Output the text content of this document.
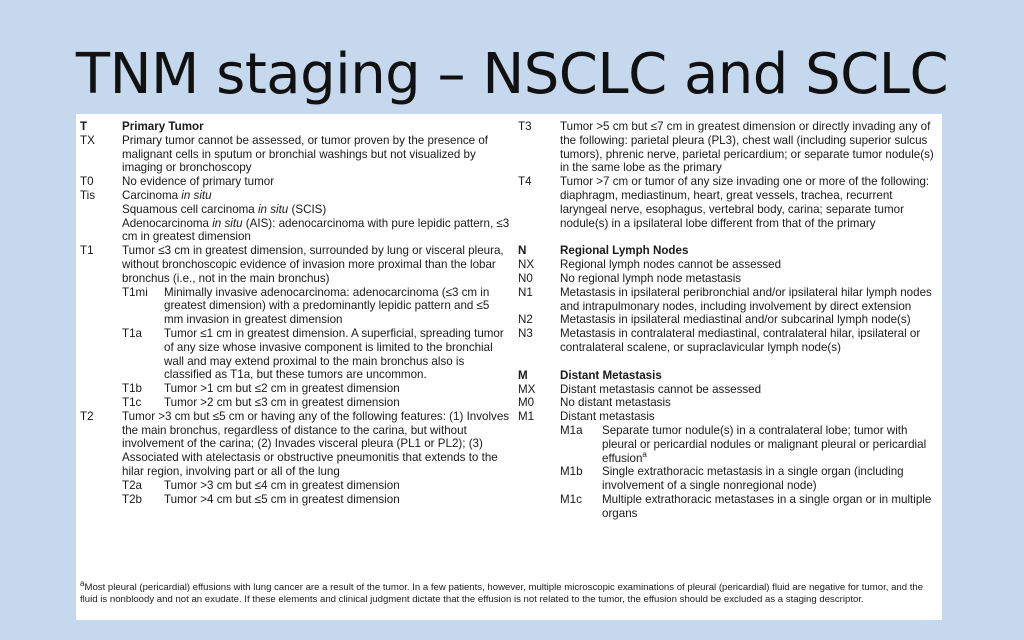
TNM staging – NSCLC and SCLC
T	Primary Tumor
TX	Primary tumor cannot be assessed, or tumor proven by the presence of malignant cells in sputum or bronchial washings but not visualized by imaging or bronchoscopy
T0	No evidence of primary tumor
Tis	Carcinoma in situ
Squamous cell carcinoma in situ (SCIS)
Adenocarcinoma in situ (AIS): adenocarcinoma with pure lepidic pattern, ≤3 cm in greatest dimension
T1	Tumor ≤3 cm in greatest dimension, surrounded by lung or visceral pleura, without bronchoscopic evidence of invasion more proximal than the lobar bronchus (i.e., not in the main bronchus)
T1mi	Minimally invasive adenocarcinoma: adenocarcinoma (≤3 cm in greatest dimension) with a predominantly lepidic pattern and ≤5 mm invasion in greatest dimension
T1a	Tumor ≤1 cm in greatest dimension. A superficial, spreading tumor of any size whose invasive component is limited to the bronchial wall and may extend proximal to the main bronchus also is classified as T1a, but these tumors are uncommon.
T1b	Tumor >1 cm but ≤2 cm in greatest dimension
T1c	Tumor >2 cm but ≤3 cm in greatest dimension
T2	Tumor >3 cm but ≤5 cm or having any of the following features: (1) Involves the main bronchus, regardless of distance to the carina, but without involvement of the carina; (2) Invades visceral pleura (PL1 or PL2); (3) Associated with atelectasis or obstructive pneumonitis that extends to the hilar region, involving part or all of the lung
T2a	Tumor >3 cm but ≤4 cm in greatest dimension
T2b	Tumor >4 cm but ≤5 cm in greatest dimension
T3	Tumor >5 cm but ≤7 cm in greatest dimension or directly invading any of the following: parietal pleura (PL3), chest wall (including superior sulcus tumors), phrenic nerve, parietal pericardium; or separate tumor nodule(s) in the same lobe as the primary
T4	Tumor >7 cm or tumor of any size invading one or more of the following: diaphragm, mediastinum, heart, great vessels, trachea, recurrent laryngeal nerve, esophagus, vertebral body, carina; separate tumor nodule(s) in a ipsilateral lobe different from that of the primary
N	Regional Lymph Nodes
NX	Regional lymph nodes cannot be assessed
N0	No regional lymph node metastasis
N1	Metastasis in ipsilateral peribronchial and/or ipsilateral hilar lymph nodes and intrapulmonary nodes, including involvement by direct extension
N2	Metastasis in ipsilateral mediastinal and/or subcarinal lymph node(s)
N3	Metastasis in contralateral mediastinal, contralateral hilar, ipsilateral or contralateral scalene, or supraclavicular lymph node(s)
M	Distant Metastasis
MX	Distant metastasis cannot be assessed
M0	No distant metastasis
M1	Distant metastasis
M1a	Separate tumor nodule(s) in a contralateral lobe; tumor with pleural or pericardial nodules or malignant pleural or pericardial effusion$^a$
M1b	Single extrathoracic metastasis in a single organ (including involvement of a single nonregional node)
M1c	Multiple extrathoracic metastases in a single organ or in multiple organs
$^a$Most pleural (pericardial) effusions with lung cancer are a result of the tumor. In a few patients, however, multiple microscopic examinations of pleural (pericardial) fluid are negative for tumor, and the fluid is nonbloody and not an exudate. If these elements and clinical judgment dictate that the effusion is not related to the tumor, the effusion should be excluded as a staging descriptor.
